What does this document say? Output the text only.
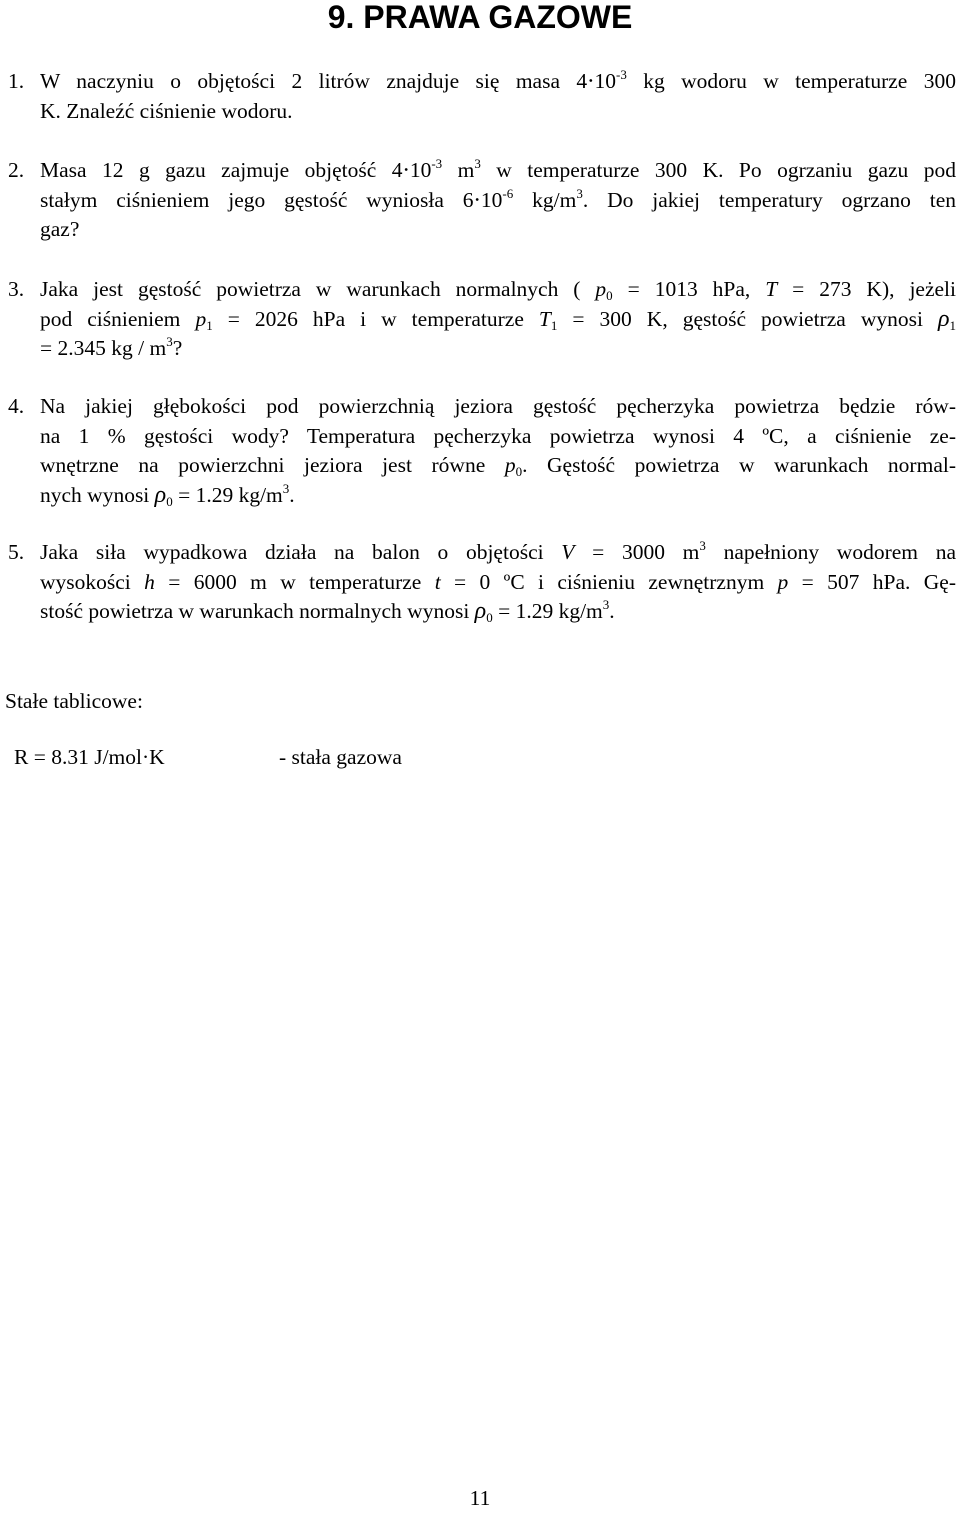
9. PRAWA GAZOWE
1. W naczyniu o objętości 2 litrów znajduje się masa $4\cdot 10^{-3}$ kg wodoru w temperaturze 300
K. Znaleźć ciśnienie wodoru.
2. Masa 12 g gazu zajmuje objętość $4\cdot 10^{-3}$ $m^3$ w temperaturze 300 K. Po ogrzaniu gazu pod
stałym ciśnieniem jego gęstość wyniosła $6\cdot 10^{-6}$ $kg/m^3$. Do jakiej temperatury ogrzano ten
gaz?
3. Jaka jest gęstość powietrza w warunkach normalnych ( $p_0 = 1013$ hPa, T = 273 K), jeżeli
pod ciśnieniem $p_1 = 2026$ hPa i w temperaturze $T_1 = 300$ K, gęstość powietrza wynosi $\rho_1$
= 2.345 kg / $m^3$?
4. Na jakiej głębokości pod powierzchnią jeziora gęstość pęcherzyka powietrza będzie rów-
na 1 % gęstości wody? Temperatura pęcherzyka powietrza wynosi 4 ºC, a ciśnienie ze-
wnętrzne na powierzchni jeziora jest równe $p_0$. Gęstość powietrza w warunkach normal-
nych wynosi $\rho_0 = 1.29$ $kg/m^3$.
5. Jaka siła wypadkowa działa na balon o objętości V = 3000 $m^3$ napełniony wodorem na
wysokości h = 6000 m w temperaturze t = 0 ºC i ciśnieniu zewnętrznym p = 507 hPa. Gę-
stość powietrza w warunkach normalnych wynosi $\rho_0 = 1.29$ $kg/m^3$.
Stałe tablicowe:
R = 8.31 J/mol·K	- stała gazowa
11
